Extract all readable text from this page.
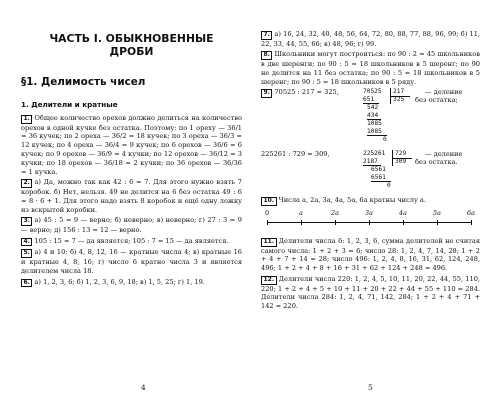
ЧАСТЬ I. ОБЫКНОВЕННЫЕ
ДРОБИ
§1. Делимость чисел
1. Делители и кратные
1. Общее количество орехов должно делиться на количество орехов в одной кучке без остатка. Поэтому: по 1 ореху — 36/1 = 36 кучек; по 2 ореха — 36/2 = 18 кучек; по 3 ореха — 36/3 = 12 кучек; по 4 ореха — 36/4 = 9 кучек; по 6 орехов — 36/6 = 6 кучек; по 9 орехов — 36/9 = 4 кучки; по 12 орехов — 36/12 = 3 кучки; по 18 орехов — 36/18 = 2 кучки; по 36 орехов — 36/36 = 1 кучка.
2. а) Да, можно так как 42 : 6 = 7. Для этого нужно взять 7 коробок. б) Нет, нельзя. 49 не делится на 6 без остатка 49 : 6 = 8 · 6 + 1. Для этого надо взять 8 коробок и ещё одну ложку из вскрытой коробки.
3. а) 45 : 5 = 9 — верно; б) неверно; в) неверно; г) 27 : 3 = 9 — верно; д) 156 : 13 = 12 — верно.
4. 105 : 15 = 7 — да является; 105 : 7 = 15 — да является.
5. а) 4 и 10; б) 4, 8, 12, 16 — кратные числа 4; в) кратные 16 и кратные 4, 8, 16; г) число 6 кратно числа 3 и является делителем числа 18.
6. а) 1, 2, 3, 6; б) 1, 2, 3, 6, 9, 18; в) 1, 5, 25; г) 1, 19.
4
7. а) 16, 24, 32, 40, 48, 56, 64, 72, 80, 88, 77, 88, 96, 99; б) 11, 22, 33, 44, 55, 66; в) 48, 96; г) 99.
8. Школьники могут построиться: по 90 : 2 = 45 школьников в две шеренги; по 90 : 5 = 18 школьников в 5 шеренг; по 90 не делится на 11 без остатка; по 90 : 5 = 18 школьников в 5 шеренг; по 90 : 5 = 18 школьников в 5 ряду.
9. 70525 : 217 = 325,	70525 217
651	325
542
434
1085
1085
0
— деление
без остатка;
225261 : 729 = 309,	225261 729
2187	309
6561
6561
0
— деление
без остатка.
10. Числа а, 2а, 3а, 4а, 5а, 6а кратны числу а.
0	a	2a	3a	4a	5a	6a
11. Делители числа 6: 1, 2, 3, 6, сумма делителей не считая самого числа: 1 + 2 + 3 = 6; число 28: 1, 2, 4, 7, 14, 28; 1 + 2 + 4 + 7 + 14 = 28; число 496: 1, 2, 4, 8, 16, 31, 62, 124, 248, 496; 1 + 2 + 4 + 8 + 16 + 31 + 62 + 124 + 248 = 496.
12. Делители числа 220: 1, 2, 4, 5, 10, 11, 20, 22, 44, 55, 110, 220; 1 + 2 + 4 + 5 + 10 + 11 + 20 + 22 + 44 + 55 + 110 = 284. Делители числа 284: 1, 2, 4, 71, 142, 284; 1 + 2 + 4 + 71 + 142 = 220.
5
